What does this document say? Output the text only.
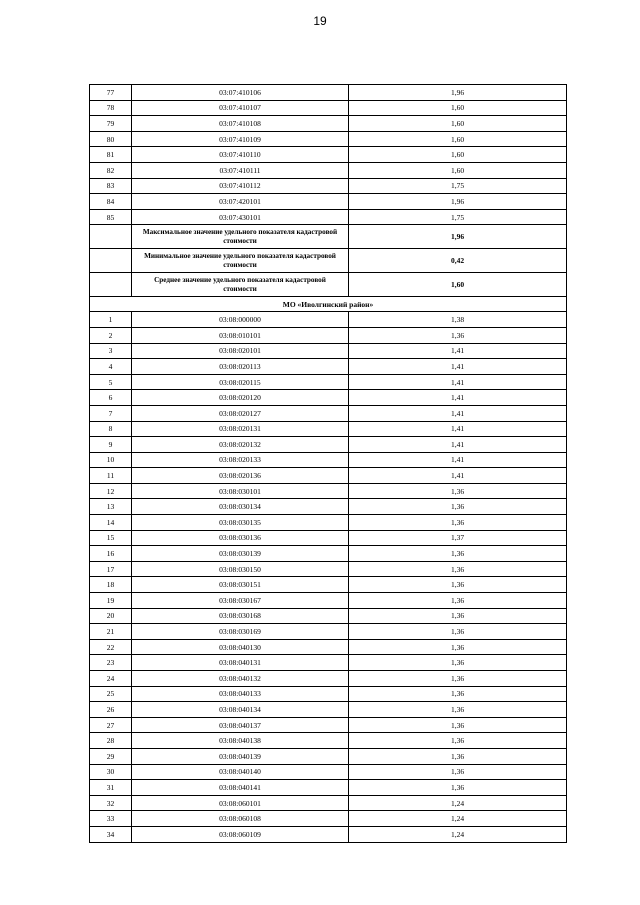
19
77	03:07:410106	1,96
78	03:07:410107	1,60
79	03:07:410108	1,60
80	03:07:410109	1,60
81	03:07:410110	1,60
82	03:07:410111	1,60
83	03:07:410112	1,75
84	03:07:420101	1,96
85	03:07:430101	1,75
	Максимальное значение удельного показателя кадастровой стоимости	1,96
	Минимальное значение удельного показателя кадастровой стоимости	0,42
	Среднее значение удельного показателя кадастровой стоимости	1,60
МО «Иволгинский район»		
1	03:08:000000	1,38
2	03:08:010101	1,36
3	03:08:020101	1,41
4	03:08:020113	1,41
5	03:08:020115	1,41
6	03:08:020120	1,41
7	03:08:020127	1,41
8	03:08:020131	1,41
9	03:08:020132	1,41
10	03:08:020133	1,41
11	03:08:020136	1,41
12	03:08:030101	1,36
13	03:08:030134	1,36
14	03:08:030135	1,36
15	03:08:030136	1,37
16	03:08:030139	1,36
17	03:08:030150	1,36
18	03:08:030151	1,36
19	03:08:030167	1,36
20	03:08:030168	1,36
21	03:08:030169	1,36
22	03:08:040130	1,36
23	03:08:040131	1,36
24	03:08:040132	1,36
25	03:08:040133	1,36
26	03:08:040134	1,36
27	03:08:040137	1,36
28	03:08:040138	1,36
29	03:08:040139	1,36
30	03:08:040140	1,36
31	03:08:040141	1,36
32	03:08:060101	1,24
33	03:08:060108	1,24
34	03:08:060109	1,24
